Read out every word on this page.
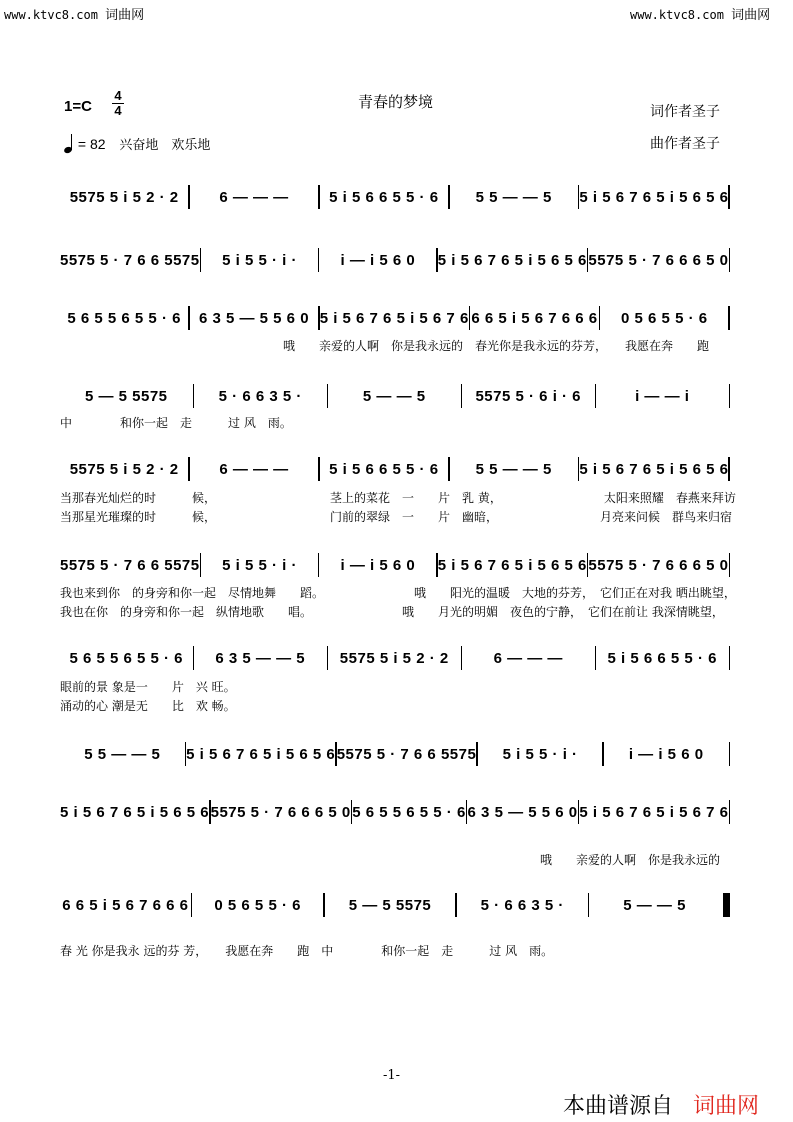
www.ktvc8.com 词曲网	www.ktvc8.com 词曲网
青春的梦境
词作者圣子
曲作者圣子
1=C
4
4
= 82 兴奋地　欢乐地
5575 5 i 5 2 · 2	6 — — —	5 i 5 6 6 5 5 · 6	5 5 — — 5	5 i 5 6 7 6 5 i 5 6 5 6
5575 5 · 7 6 6 5575	5 i 5 5 · i ·	i — i 5 6 0	5 i 5 6 7 6 5 i 5 6 5 6 5575 5 · 7 6 6 6 5 0
5 6 5 5 6 5 5 · 6	6 3 5 — 5 5 6 0 5 i 5 6 7 6 5 i 5 6 7 6 6 6 5 i 5 6 7 6 6 6	0 5 6 5 5 · 6
5 — 5 5575	5 · 6 6 3 5 ·	5 — — 5	5575 5 · 6 i · 6	i — — i
5575 5 i 5 2 · 2	6 — — —	5 i 5 6 6 5 5 · 6	5 5 — — 5	5 i 5 6 7 6 5 i 5 6 5 6
5575 5 · 7 6 6 5575	5 i 5 5 · i ·	i — i 5 6 0	5 i 5 6 7 6 5 i 5 6 5 6 5575 5 · 7 6 6 6 5 0
5 6 5 5 6 5 5 · 6	6 3 5 — — 5	5575 5 i 5 2 · 2	6 — — —	5 i 5 6 6 5 5 · 6
5 5 — — 5	5 i 5 6 7 6 5 i 5 6 5 6 5575 5 · 7 6 6 5575	5 i 5 5 · i ·	i — i 5 6 0
5 i 5 6 7 6 5 i 5 6 5 6 5575 5 · 7 6 6 6 5 0 5 6 5 5 6 5 5 · 6 6 3 5 — 5 5 6 0 5 i 5 6 7 6 5 i 5 6 7 6
6 6 5 i 5 6 7 6 6 6	0 5 6 5 5 · 6	5 — 5 5575	5 · 6 6 3 5 ·	5 — — 5
哦　　亲爱的人啊　你是我永远的　春光你是我永远的芬芳，　　我愿在奔　　跑
中　　　　和你一起　走　　　过 风　雨。
当那春光灿烂的时　　　候，　　　　　　　　　　茎上的菜花　一　　片　乳 黄，　　　　　　　　　太阳来照耀　春燕来拜访
当那星光璀璨的时　　　候，　　　　　　　　　　门前的翠绿　一　　片　幽暗，　　　　　　　　　月亮来问候　群鸟来归宿
我也来到你　的身旁和你一起　尽情地舞　　蹈。　　　　　　　　哦　　阳光的温暖　大地的芬芳，　它们正在对我 晒出眺望，
我也在你　的身旁和你一起　纵情地歌　　唱。　　　　　　　　哦　　月光的明媚　夜色的宁静，　它们在前让 我深情眺望，
眼前的景 象是一　　片　兴 旺。
涌动的心 潮是无　　比　欢 畅。
哦　　亲爱的人啊　你是我永远的
春 光 你是我永 远的芬 芳，　　我愿在奔　　跑　中　　　　和你一起　走　　　过 风　雨。
-1-
本曲谱源自 词曲网
